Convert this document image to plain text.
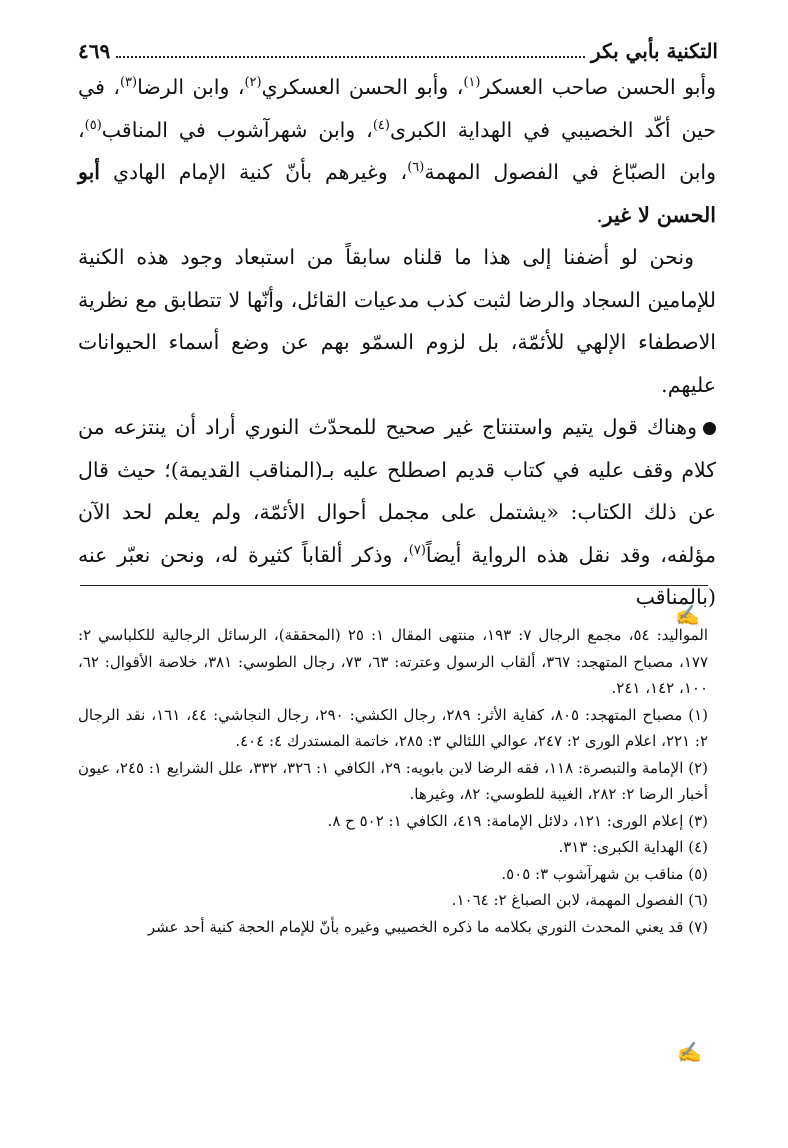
التكنية بأبي بكر
٤٦٩

وأبو الحسن صاحب العسكر$^{(١)}$، وأبو الحسن العسكري$^{(٢)}$، وابن الرضا$^{(٣)}$، في حين أكّد الخصيبي في الهداية الكبرى$^{(٤)}$، وابن شهرآشوب في المناقب$^{(٥)}$، وابن الصبّاغ في الفصول المهمة$^{(٦)}$، وغيرهم بأنّ كنية الإمام الهادي أبو الحسن لا غير.

ونحن لو أضفنا إلى هذا ما قلناه سابقاً من استبعاد وجود هذه الكنية للإمامين السجاد والرضا لثبت كذب مدعيات القائل، وأنّها لا تتطابق مع نظرية الاصطفاء الإلهي للأئمّة، بل لزوم السمّو بهم عن وضع أسماء الحيوانات عليهم.

وهناك قول يتيم واستنتاج غير صحيح للمحدّث النوري أراد أن ينتزعه من كلام وقف عليه في كتاب قديم اصطلح عليه بـ(المناقب القديمة)؛ حيث قال عن ذلك الكتاب: «يشتمل على مجمل أحوال الأئمّة، ولم يعلم لحد الآن مؤلفه، وقد نقل هذه الرواية أيضاً$^{(٧)}$، وذكر ألقاباً كثيرة له، ونحن نعبّر عنه (بالمناقب

✍

المواليد: ٥٤، مجمع الرجال ٧: ١٩٣، منتهى المقال ١: ٢٥ (المحققة)، الرسائل الرجالية للكلباسي ٢: ١٧٧، مصباح المتهجد: ٣٦٧، ألقاب الرسول وعترته: ٦٣، ٧٣، رجال الطوسي: ٣٨١، خلاصة الأقوال: ٦٢، ١٠٠، ١٤٢، ٢٤١.

(١) مصباح المتهجد: ٨٠٥، كفاية الأثر: ٢٨٩، رجال الكشي: ٢٩٠، رجال النجاشي: ٤٤، ١٦١، نقد الرجال ٢: ٢٢١، اعلام الورى ٢: ٢٤٧، عوالي اللئالي ٣: ٢٨٥، خاتمة المستدرك ٤: ٤٠٤.

(٢) الإمامة والتبصرة: ١١٨، فقه الرضا لابن بابويه: ٢٩، الكافي ١: ٣٢٦، ٣٣٢، علل الشرايع ١: ٢٤٥، عيون أخبار الرضا ٢: ٢٨٢، الغيبة للطوسي: ٨٢، وغيرها.

(٣) إعلام الورى: ١٢١، دلائل الإمامة: ٤١٩، الكافي ١: ٥٠٢ ح ٨.

(٤) الهداية الكبرى: ٣١٣.

(٥) مناقب بن شهرآشوب ٣: ٥٠٥.

(٦) الفصول المهمة، لابن الصباغ ٢: ١٠٦٤.

(٧) قد يعني المحدث النوري بكلامه ما ذكره الخصيبي وغيره بأنّ للإمام الحجة كنية أحد عشر

✍
